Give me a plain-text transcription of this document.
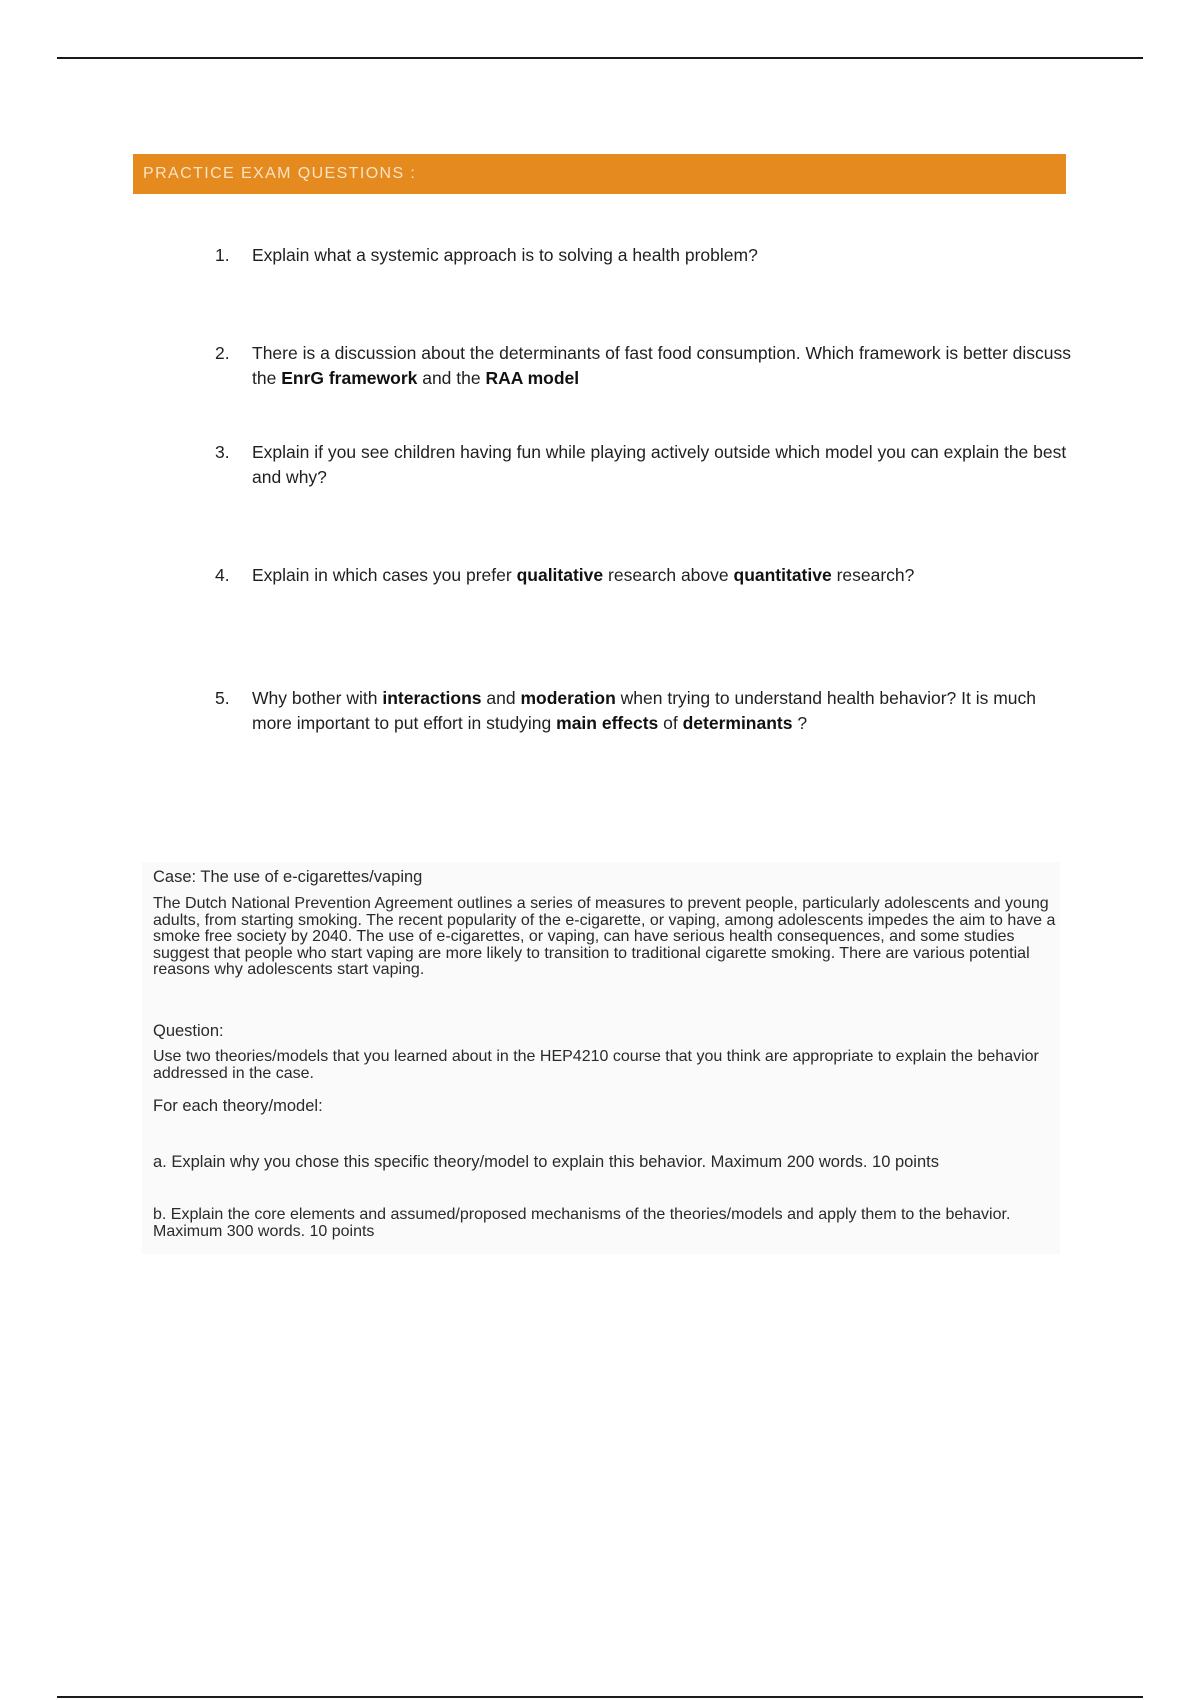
PRACTICE EXAM QUESTIONS :
1.	Explain what a systemic approach is to solving a health problem?
2.	There is a discussion about the determinants of fast food consumption. Which framework is better discuss the EnrG framework and the RAA model
3.	Explain if you see children having fun while playing actively outside which model you can explain the best and why?
4.	Explain in which cases you prefer qualitative research above quantitative research?
5.	Why bother with interactions and moderation when trying to understand health behavior? It is much more important to put effort in studying main effects of determinants ?
Case: The use of e-cigarettes/vaping
The Dutch National Prevention Agreement outlines a series of measures to prevent people, particularly adolescents and young adults, from starting smoking. The recent popularity of the e-cigarette, or vaping, among adolescents impedes the aim to have a smoke free society by 2040. The use of e-cigarettes, or vaping, can have serious health consequences, and some studies suggest that people who start vaping are more likely to transition to traditional cigarette smoking. There are various potential reasons why adolescents start vaping.
Question:
Use two theories/models that you learned about in the HEP4210 course that you think are appropriate to explain the behavior addressed in the case.
For each theory/model:
a. Explain why you chose this specific theory/model to explain this behavior. Maximum 200 words. 10 points
b. Explain the core elements and assumed/proposed mechanisms of the theories/models and apply them to the behavior. Maximum 300 words. 10 points
